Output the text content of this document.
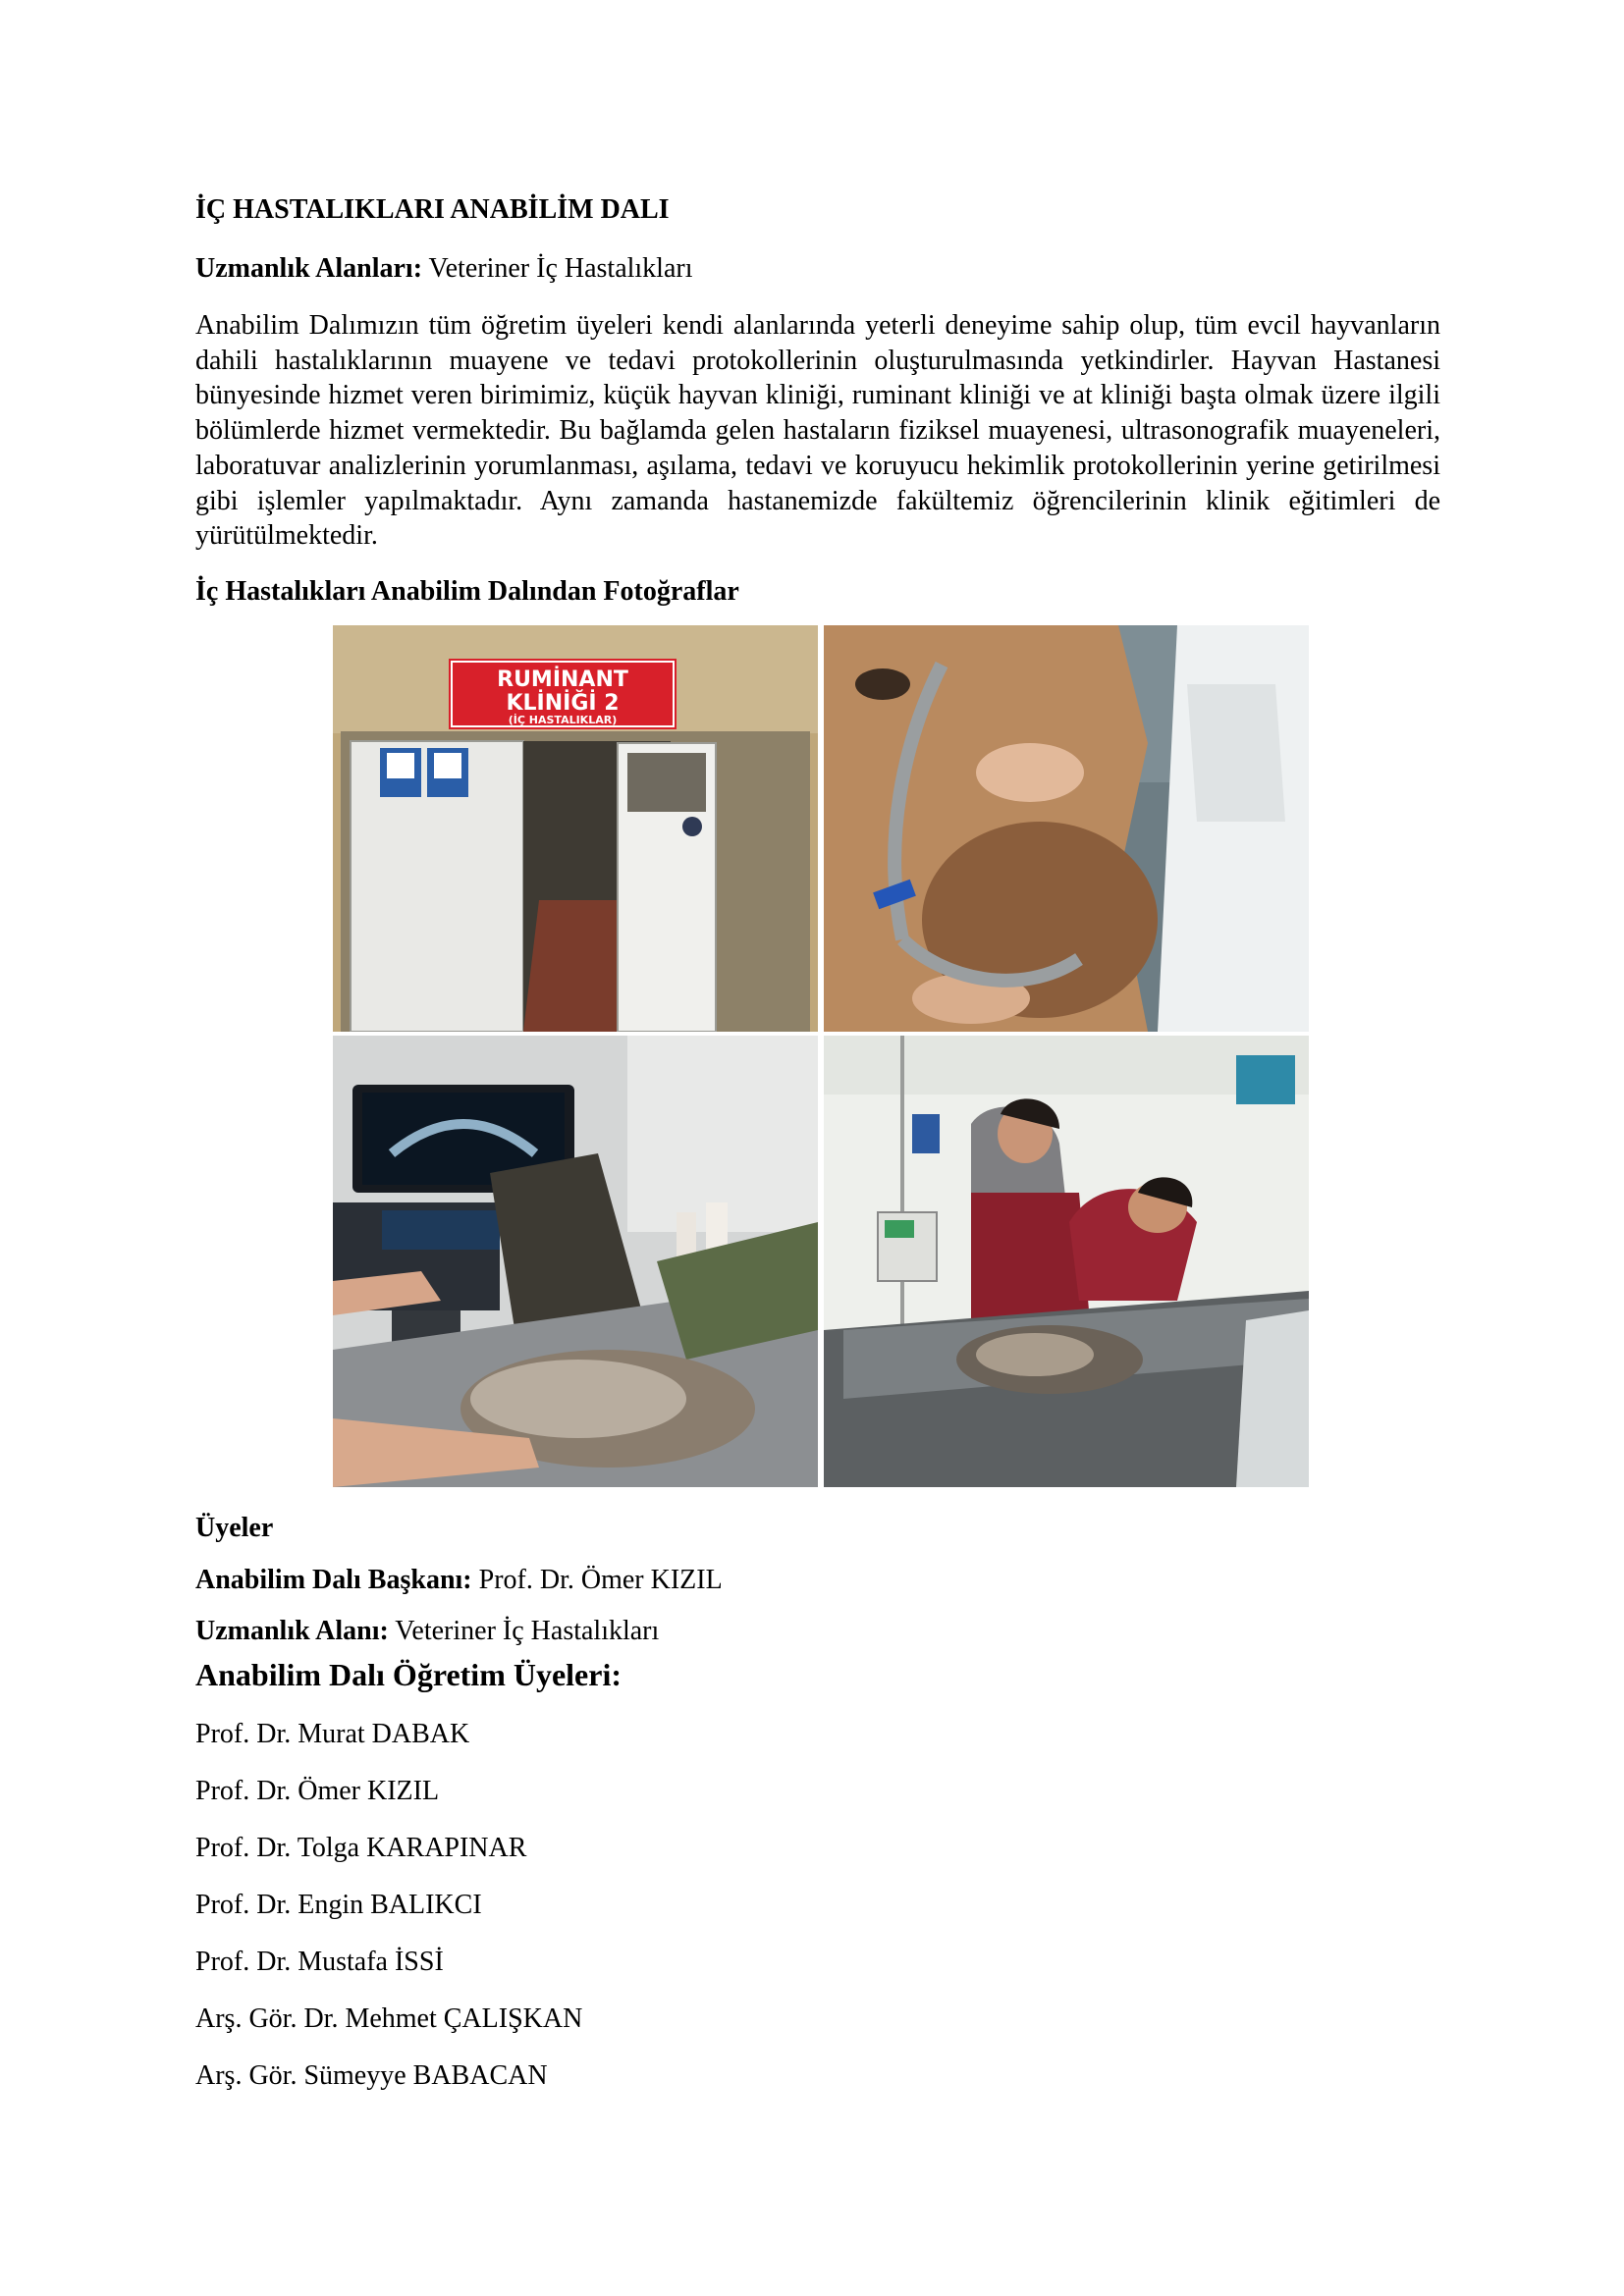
İÇ HASTALIKLARI ANABİLİM DALI

Uzmanlık Alanları: Veteriner İç Hastalıkları

Anabilim Dalımızın tüm öğretim üyeleri kendi alanlarında yeterli deneyime sahip olup, tüm evcil hayvanların dahili hastalıklarının muayene ve tedavi protokollerinin oluşturulmasında yetkindirler. Hayvan Hastanesi bünyesinde hizmet veren birimimiz, küçük hayvan kliniği, ruminant kliniği ve at kliniği başta olmak üzere ilgili bölümlerde hizmet vermektedir. Bu bağlamda gelen hastaların fiziksel muayenesi, ultrasonografik muayeneleri, laboratuvar analizlerinin yorumlanması, aşılama, tedavi ve koruyucu hekimlik protokollerinin yerine getirilmesi gibi işlemler yapılmaktadır. Aynı zamanda hastanemizde fakültemiz öğrencilerinin klinik eğitimleri de yürütülmektedir.

İç Hastalıkları Anabilim Dalından Fotoğraflar

RUMİNANT
KLİNİĞİ 2
(İÇ HASTALIKLAR)
Üyeler

Anabilim Dalı Başkanı: Prof. Dr. Ömer KIZIL

Uzmanlık Alanı: Veteriner İç Hastalıkları

Anabilim Dalı Öğretim Üyeleri:

Prof. Dr. Murat DABAK

Prof. Dr. Ömer KIZIL

Prof. Dr. Tolga KARAPINAR

Prof. Dr. Engin BALIKCI

Prof. Dr. Mustafa İSSİ

Arş. Gör. Dr. Mehmet ÇALIŞKAN

Arş. Gör. Sümeyye BABACAN
